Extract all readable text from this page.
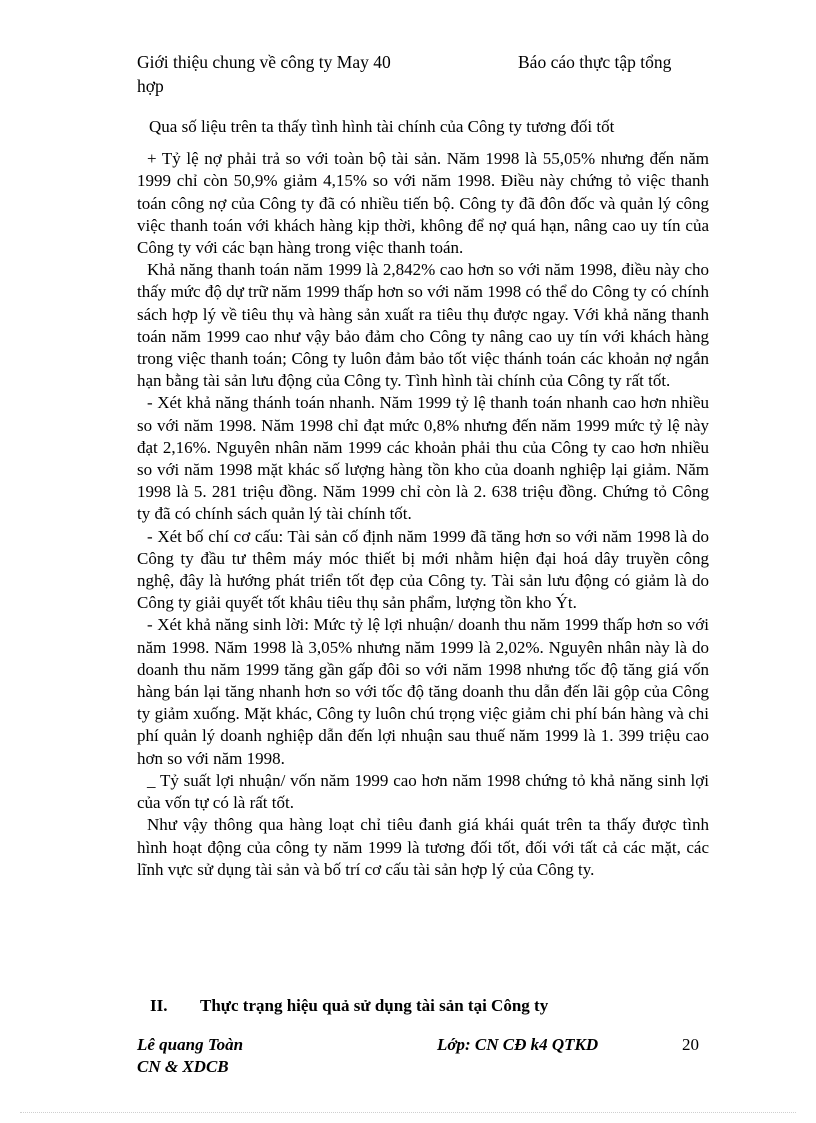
Giới thiệu chung về công ty May 40	Báo cáo thực tập tổng
hợp

Qua số liệu trên ta thấy tình hình tài chính của Công ty tương đối tốt

+ Tỷ lệ nợ phải trả so với toàn bộ tài sản. Năm 1998 là 55,05% nhưng đến năm 1999 chỉ còn 50,9% giảm 4,15% so với năm 1998. Điều này chứng tỏ việc thanh toán công nợ của Công ty đã có nhiều tiến bộ. Công ty đã đôn đốc và quản lý công việc thanh toán với khách hàng kịp thời, không để nợ quá hạn, nâng cao uy tín của Công ty với các bạn hàng trong việc thanh toán.

Khả năng thanh toán năm 1999 là 2,842% cao hơn so với năm 1998, điều này cho thấy mức độ dự trữ năm 1999 thấp hơn so với năm 1998 có thể do Công ty có chính sách hợp lý về tiêu thụ và hàng sản xuất ra tiêu thụ được ngay. Với khả năng thanh toán năm 1999 cao như vậy bảo đảm cho Công ty nâng cao uy tín với khách hàng trong việc thanh toán; Công ty luôn đảm bảo tốt việc thánh toán các khoản nợ ngắn hạn bằng tài sản lưu động của Công ty. Tình hình tài chính của Công ty rất tốt.

- Xét khả năng thánh toán nhanh. Năm 1999 tỷ lệ thanh toán nhanh cao hơn nhiều so với năm 1998. Năm 1998 chỉ đạt mức 0,8% nhưng đến năm 1999 mức tỷ lệ này đạt 2,16%. Nguyên nhân năm 1999 các khoản phải thu của Công ty cao hơn nhiều so với năm 1998 mặt khác số lượng hàng tồn kho của doanh nghiệp lại giảm. Năm 1998 là 5. 281 triệu đồng. Năm 1999 chỉ còn là 2. 638 triệu đồng. Chứng tỏ Công ty đã có chính sách quản lý tài chính tốt.

- Xét bố chí cơ cấu: Tài sản cố định năm 1999 đã tăng hơn so với năm 1998 là do Công ty đầu tư thêm máy móc thiết bị mới nhằm hiện đại hoá dây truyền công nghệ, đây là hướng phát triển tốt đẹp của Công ty. Tài sản lưu động có giảm là do Công ty giải quyết tốt khâu tiêu thụ sản phẩm, lượng tồn kho Ýt.

- Xét khả năng sinh lời: Mức tỷ lệ lợi nhuận/ doanh thu năm 1999 thấp hơn so với năm 1998. Năm 1998 là 3,05% nhưng năm 1999 là 2,02%. Nguyên nhân này là do doanh thu năm 1999 tăng gần gấp đôi so với năm 1998 nhưng tốc độ tăng giá vốn hàng bán lại tăng nhanh hơn so với tốc độ tăng doanh thu dẫn đến lãi gộp của Công ty giảm xuống. Mặt khác, Công ty luôn chú trọng việc giảm chi phí bán hàng và chi phí quản lý doanh nghiệp dẫn đến lợi nhuận sau thuế năm 1999 là 1. 399 triệu cao hơn so với năm 1998.

_ Tỷ suất lợi nhuận/ vốn năm 1999 cao hơn năm 1998 chứng tỏ khả năng sinh lợi của vốn tự có là rất tốt.

Như vậy thông qua hàng loạt chỉ tiêu đanh giá khái quát trên ta thấy được tình hình hoạt động của công ty năm 1999 là tương đối tốt, đối với tất cả các mặt, các lĩnh vực sử dụng tài sản và bố trí cơ cấu tài sản hợp lý của Công ty.

II. Thực trạng hiệu quả sử dụng tài sản tại Công ty
Lê quang Toàn
CN & XDCB
Lớp: CN CĐ k4 QTKD	20
